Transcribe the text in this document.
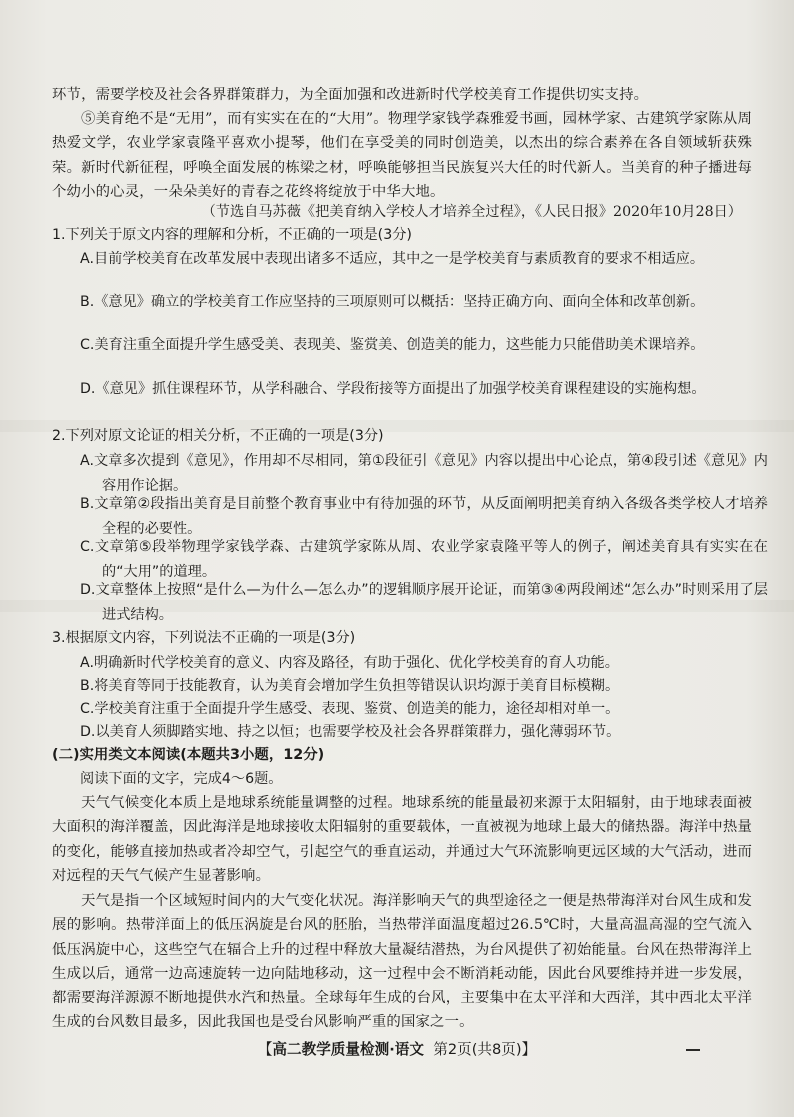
环节，需要学校及社会各界群策群力，为全面加强和改进新时代学校美育工作提供切实支持。

⑤美育绝不是“无用”，而有实实在在的“大用”。物理学家钱学森雅爱书画，园林学家、古建筑学家陈从周热爱文学，农业学家袁隆平喜欢小提琴，他们在享受美的同时创造美，以杰出的综合素养在各自领域斩获殊荣。新时代新征程，呼唤全面发展的栋梁之材，呼唤能够担当民族复兴大任的时代新人。当美育的种子播进每个幼小的心灵，一朵朵美好的青春之花终将绽放于中华大地。

（节选自马苏薇《把美育纳入学校人才培养全过程》，《人民日报》2020年10月28日）
1.下列关于原文内容的理解和分析，不正确的一项是(3分)
A.目前学校美育在改革发展中表现出诸多不适应，其中之一是学校美育与素质教育的要求不相适应。
B.《意见》确立的学校美育工作应坚持的三项原则可以概括：坚持正确方向、面向全体和改革创新。
C.美育注重全面提升学生感受美、表现美、鉴赏美、创造美的能力，这些能力只能借助美术课培养。
D.《意见》抓住课程环节，从学科融合、学段衔接等方面提出了加强学校美育课程建设的实施构想。
2.下列对原文论证的相关分析，不正确的一项是(3分)
A.文章多次提到《意见》，作用却不尽相同，第①段征引《意见》内容以提出中心论点，第④段引述《意见》内容用作论据。
B.文章第②段指出美育是目前整个教育事业中有待加强的环节，从反面阐明把美育纳入各级各类学校人才培养全程的必要性。
C.文章第⑤段举物理学家钱学森、古建筑学家陈从周、农业学家袁隆平等人的例子，阐述美育具有实实在在的“大用”的道理。
D.文章整体上按照“是什么—为什么—怎么办”的逻辑顺序展开论证，而第③④两段阐述“怎么办”时则采用了层进式结构。
3.根据原文内容，下列说法不正确的一项是(3分)
A.明确新时代学校美育的意义、内容及路径，有助于强化、优化学校美育的育人功能。
B.将美育等同于技能教育，认为美育会增加学生负担等错误认识均源于美育目标模糊。
C.学校美育注重于全面提升学生感受、表现、鉴赏、创造美的能力，途径却相对单一。
D.以美育人须脚踏实地、持之以恒；也需要学校及社会各界群策群力，强化薄弱环节。
(二)实用类文本阅读(本题共3小题，12分)
阅读下面的文字，完成4～6题。

天气气候变化本质上是地球系统能量调整的过程。地球系统的能量最初来源于太阳辐射，由于地球表面被大面积的海洋覆盖，因此海洋是地球接收太阳辐射的重要载体，一直被视为地球上最大的储热器。海洋中热量的变化，能够直接加热或者冷却空气，引起空气的垂直运动，并通过大气环流影响更远区域的大气活动，进而对远程的天气气候产生显著影响。

天气是指一个区域短时间内的大气变化状况。海洋影响天气的典型途径之一便是热带海洋对台风生成和发展的影响。热带洋面上的低压涡旋是台风的胚胎，当热带洋面温度超过26.5℃时，大量高温高湿的空气流入低压涡旋中心，这些空气在辐合上升的过程中释放大量凝结潜热，为台风提供了初始能量。台风在热带海洋上生成以后，通常一边高速旋转一边向陆地移动，这一过程中会不断消耗动能，因此台风要维持并进一步发展，都需要海洋源源不断地提供水汽和热量。全球每年生成的台风，主要集中在太平洋和大西洋，其中西北太平洋生成的台风数目最多，因此我国也是受台风影响严重的国家之一。

【高二教学质量检测·语文 第2页(共8页)】
